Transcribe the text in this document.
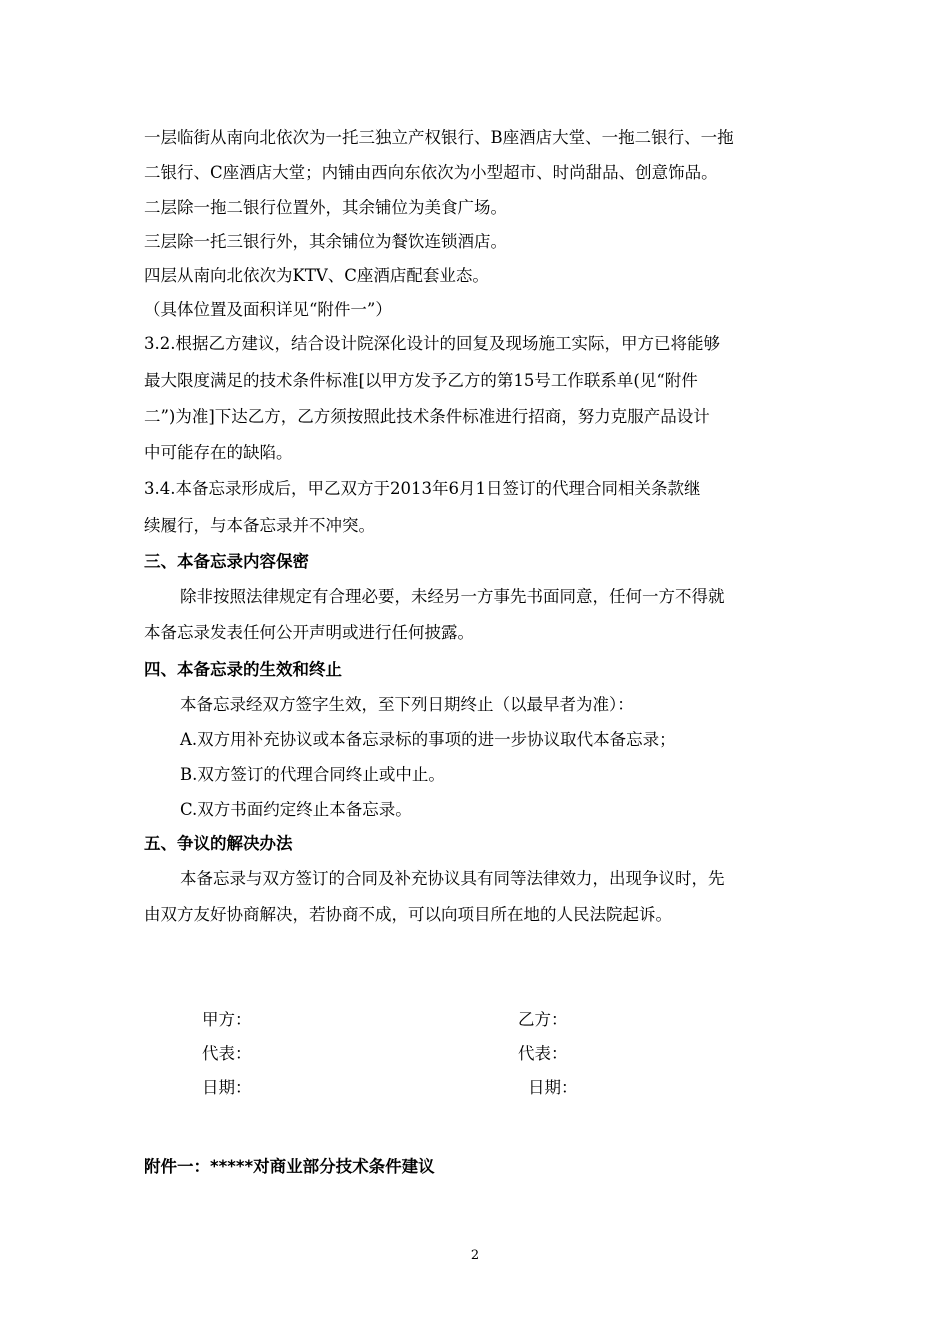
一层临街从南向北依次为一托三独立产权银行、B座酒店大堂、一拖二银行、一拖
二银行、C座酒店大堂；内铺由西向东依次为小型超市、时尚甜品、创意饰品。
二层除一拖二银行位置外，其余铺位为美食广场。
三层除一托三银行外，其余铺位为餐饮连锁酒店。
四层从南向北依次为KTV、C座酒店配套业态。
（具体位置及面积详见“附件一”）
3.2.根据乙方建议，结合设计院深化设计的回复及现场施工实际，甲方已将能够
最大限度满足的技术条件标准[以甲方发予乙方的第15号工作联系单(见“附件
二”)为准]下达乙方，乙方须按照此技术条件标准进行招商，努力克服产品设计
中可能存在的缺陷。
3.4.本备忘录形成后，甲乙双方于2013年6月1日签订的代理合同相关条款继
续履行，与本备忘录并不冲突。
三、本备忘录内容保密
除非按照法律规定有合理必要，未经另一方事先书面同意，任何一方不得就
本备忘录发表任何公开声明或进行任何披露。
四、本备忘录的生效和终止
本备忘录经双方签字生效，至下列日期终止（以最早者为准）：
A.双方用补充协议或本备忘录标的事项的进一步协议取代本备忘录；
B.双方签订的代理合同终止或中止。
C.双方书面约定终止本备忘录。
五、争议的解决办法
本备忘录与双方签订的合同及补充协议具有同等法律效力，出现争议时，先
由双方友好协商解决，若协商不成，可以向项目所在地的人民法院起诉。
甲方：	乙方：
代表：	代表：
日期：	日期：
附件一：*****对商业部分技术条件建议
2
